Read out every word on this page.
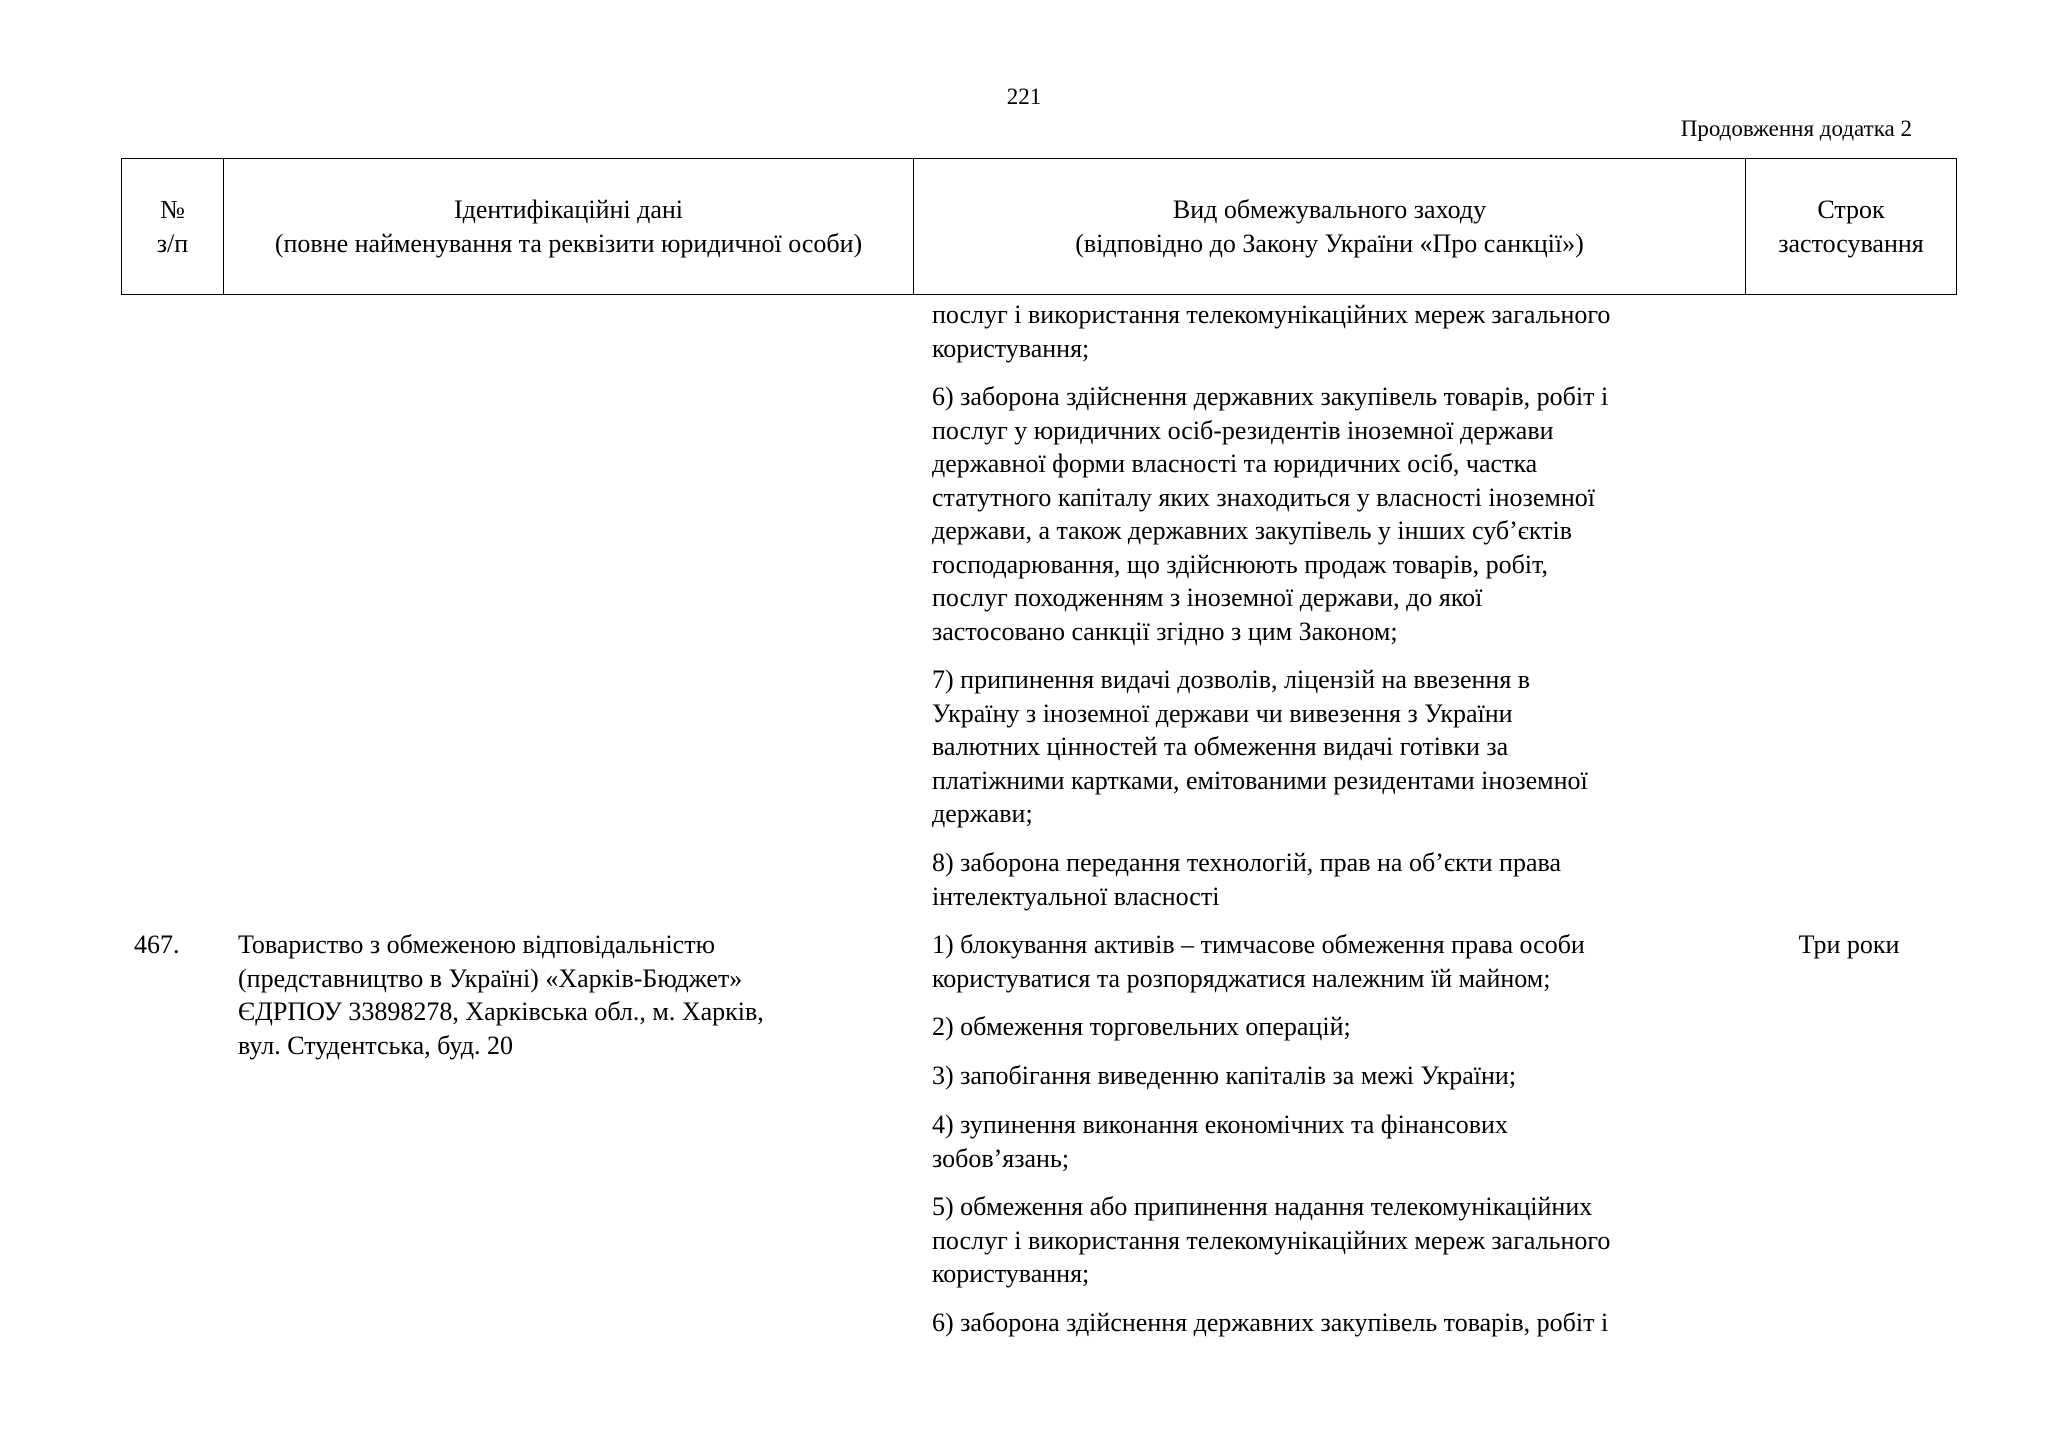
221
Продовження додатка 2
№
з/п
Ідентифікаційні дані
(повне найменування та реквізити юридичної особи)
Вид обмежувального заходу
(відповідно до Закону України «Про санкції»)
Строк
застосування
послуг і використання телекомунікаційних мереж загального
користування;
6) заборона здійснення державних закупівель товарів, робіт і
послуг у юридичних осіб-резидентів іноземної держави
державної форми власності та юридичних осіб, частка
статутного капіталу яких знаходиться у власності іноземної
держави, а також державних закупівель у інших суб’єктів
господарювання, що здійснюють продаж товарів, робіт,
послуг походженням з іноземної держави, до якої
застосовано санкції згідно з цим Законом;
7) припинення видачі дозволів, ліцензій на ввезення в
Україну з іноземної держави чи вивезення з України
валютних цінностей та обмеження видачі готівки за
платіжними картками, емітованими резидентами іноземної
держави;
8) заборона передання технологій, прав на об’єкти права
інтелектуальної власності
467. Товариство з обмеженою відповідальністю
(представництво в Україні) «Харків-Бюджет»
ЄДРПОУ 33898278, Харківська обл., м. Харків,
вул. Студентська, буд. 20
Три роки
1) блокування активів – тимчасове обмеження права особи
користуватися та розпоряджатися належним їй майном;
2) обмеження торговельних операцій;
3) запобігання виведенню капіталів за межі України;
4) зупинення виконання економічних та фінансових
зобов’язань;
5) обмеження або припинення надання телекомунікаційних
послуг і використання телекомунікаційних мереж загального
користування;
6) заборона здійснення державних закупівель товарів, робіт і
